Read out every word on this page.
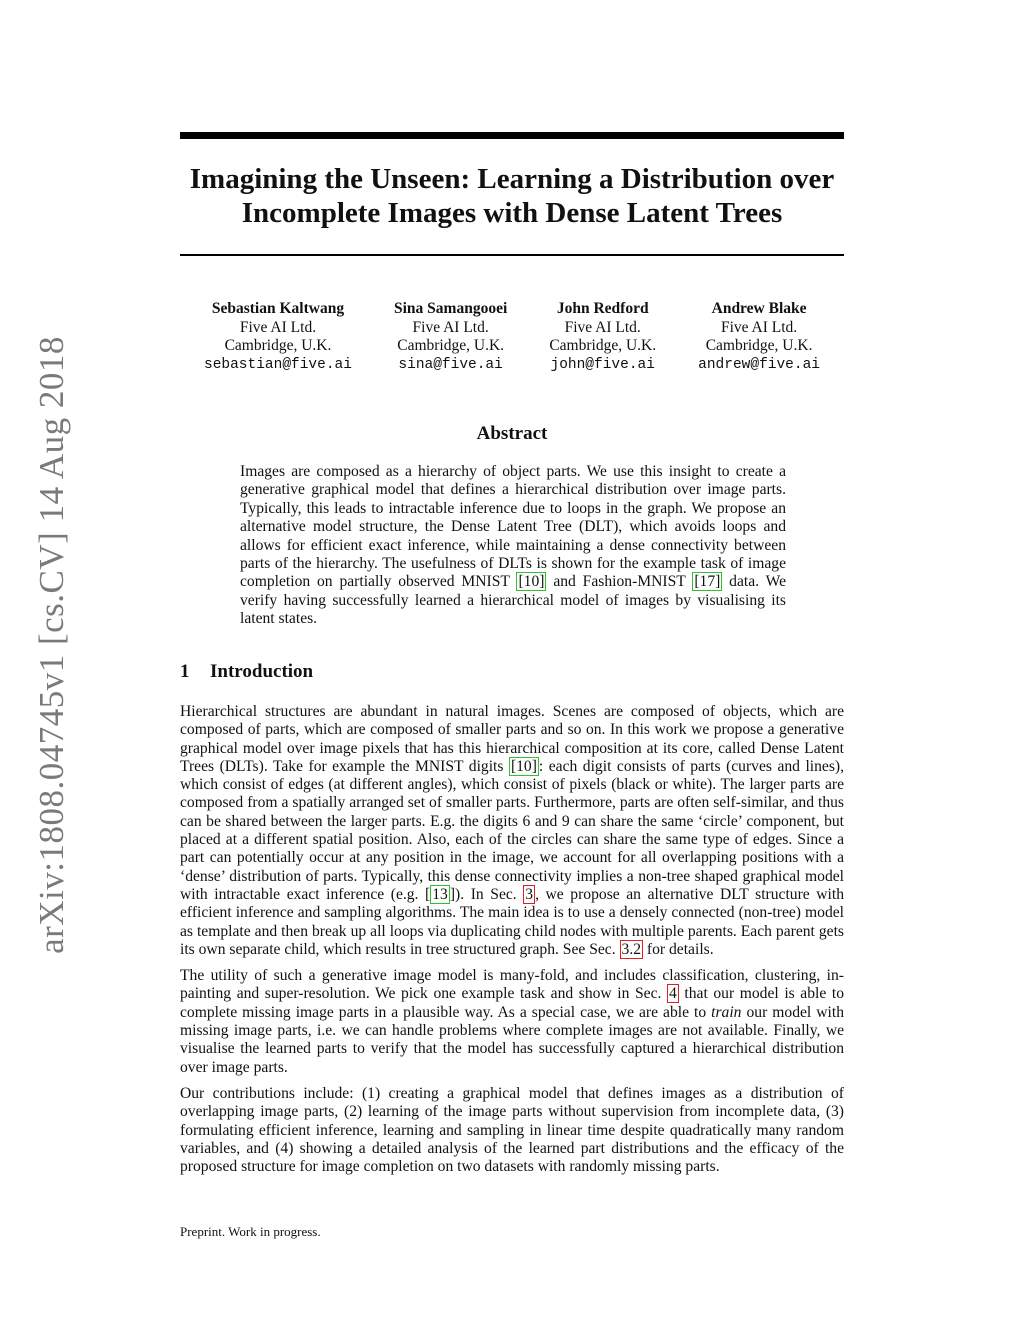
arXiv:1808.04745v1 [cs.CV] 14 Aug 2018
Imagining the Unseen: Learning a Distribution over Incomplete Images with Dense Latent Trees
Sebastian Kaltwang
Five AI Ltd.
Cambridge, U.K.
sebastian@five.ai
Sina Samangooei
Five AI Ltd.
Cambridge, U.K.
sina@five.ai
John Redford
Five AI Ltd.
Cambridge, U.K.
john@five.ai
Andrew Blake
Five AI Ltd.
Cambridge, U.K.
andrew@five.ai
Abstract

Images are composed as a hierarchy of object parts. We use this insight to create a generative graphical model that defines a hierarchical distribution over image parts. Typically, this leads to intractable inference due to loops in the graph. We propose an alternative model structure, the Dense Latent Tree (DLT), which avoids loops and allows for efficient exact inference, while maintaining a dense connectivity between parts of the hierarchy. The usefulness of DLTs is shown for the example task of image completion on partially observed MNIST [10] and Fashion-MNIST [17] data. We verify having successfully learned a hierarchical model of images by visualising its latent states.

1 Introduction

Hierarchical structures are abundant in natural images. Scenes are composed of objects, which are composed of parts, which are composed of smaller parts and so on. In this work we propose a generative graphical model over image pixels that has this hierarchical composition at its core, called Dense Latent Trees (DLTs). Take for example the MNIST digits [10] : each digit consists of parts (curves and lines), which consist of edges (at different angles), which consist of pixels (black or white). The larger parts are composed from a spatially arranged set of smaller parts. Furthermore, parts are often self-similar, and thus can be shared between the larger parts. E.g. the digits 6 and 9 can share the same ‘circle’ component, but placed at a different spatial position. Also, each of the circles can share the same type of edges. Since a part can potentially occur at any position in the image, we account for all overlapping positions with a ‘dense’ distribution of parts. Typically, this dense connectivity implies a non-tree shaped graphical model with intractable exact inference (e.g. [ 13 ]). In Sec. 3 , we propose an alternative DLT structure with efficient inference and sampling algorithms. The main idea is to use a densely connected (non-tree) model as template and then break up all loops via duplicating child nodes with multiple parents. Each parent gets its own separate child, which results in tree structured graph. See Sec. 3.2 for details.

The utility of such a generative image model is many-fold, and includes classification, clustering, in-painting and super-resolution. We pick one example task and show in Sec. 4 that our model is able to complete missing image parts in a plausible way. As a special case, we are able to train our model with missing image parts, i.e. we can handle problems where complete images are not available. Finally, we visualise the learned parts to verify that the model has successfully captured a hierarchical distribution over image parts.

Our contributions include: (1) creating a graphical model that defines images as a distribution of overlapping image parts, (2) learning of the image parts without supervision from incomplete data, (3) formulating efficient inference, learning and sampling in linear time despite quadratically many random variables, and (4) showing a detailed analysis of the learned part distributions and the efficacy of the proposed structure for image completion on two datasets with randomly missing parts.

Preprint. Work in progress.
